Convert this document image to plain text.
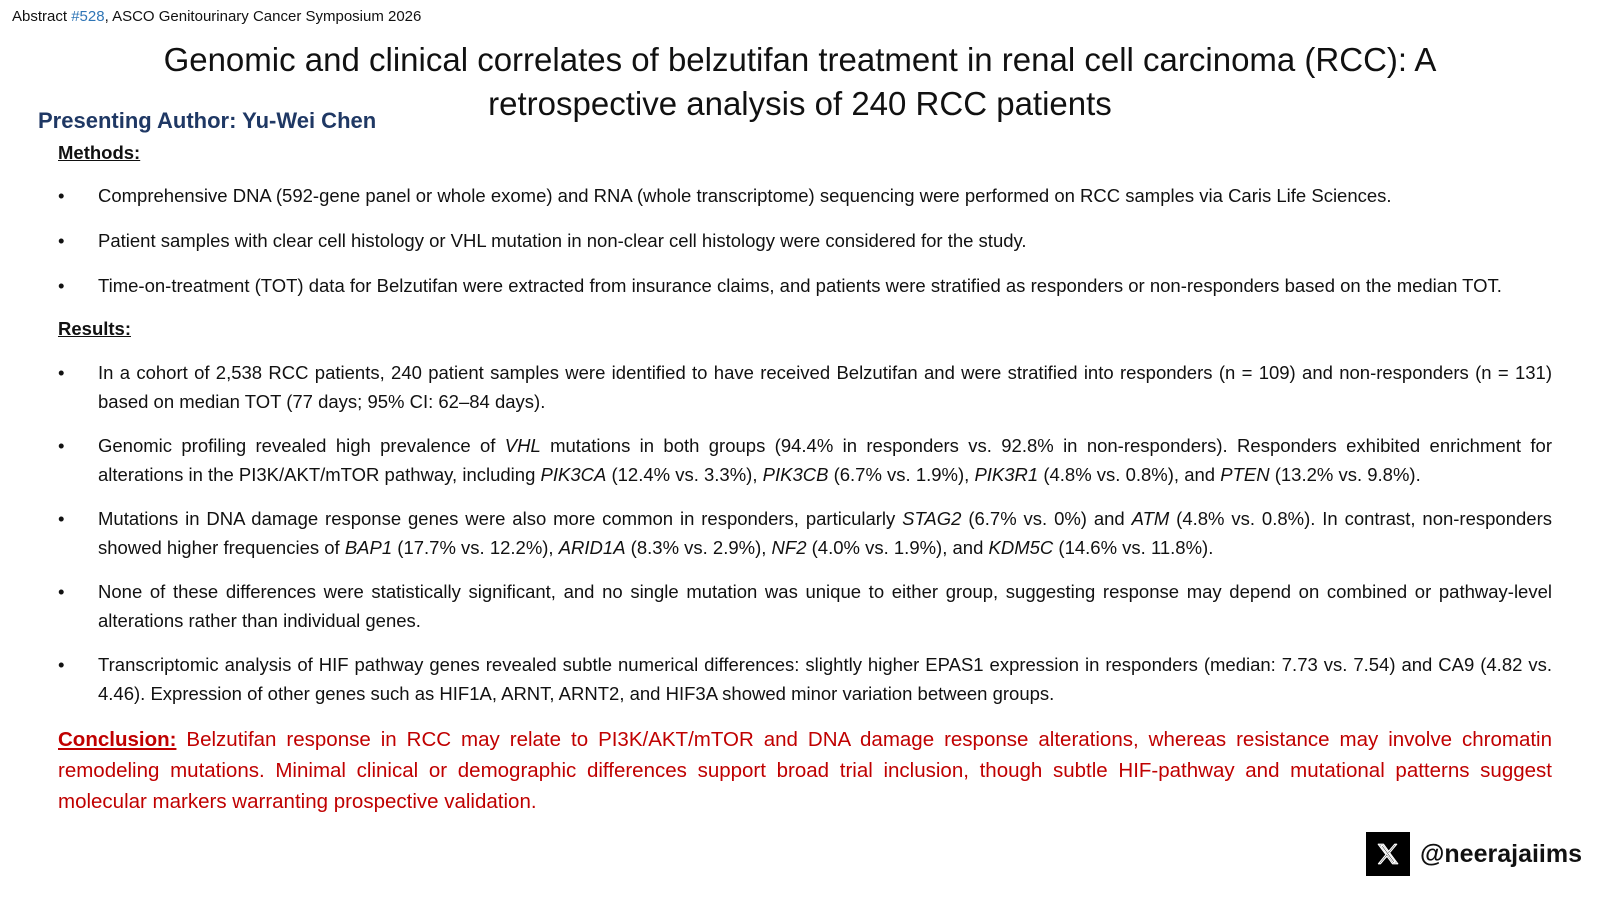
Abstract #528, ASCO Genitourinary Cancer Symposium 2026
Genomic and clinical correlates of belzutifan treatment in renal cell carcinoma (RCC): A retrospective analysis of 240 RCC patients
Presenting Author: Yu-Wei Chen
Methods:
• Comprehensive DNA (592-gene panel or whole exome) and RNA (whole transcriptome) sequencing were performed on RCC samples via Caris Life Sciences.
• Patient samples with clear cell histology or VHL mutation in non-clear cell histology were considered for the study.
• Time-on-treatment (TOT) data for Belzutifan were extracted from insurance claims, and patients were stratified as responders or non-responders based on the median TOT.
Results:
• In a cohort of 2,538 RCC patients, 240 patient samples were identified to have received Belzutifan and were stratified into responders (n = 109) and non-responders (n = 131) based on median TOT (77 days; 95% CI: 62–84 days).
• Genomic profiling revealed high prevalence of VHL mutations in both groups (94.4% in responders vs. 92.8% in non-responders). Responders exhibited enrichment for alterations in the PI3K/AKT/mTOR pathway, including PIK3CA (12.4% vs. 3.3%), PIK3CB (6.7% vs. 1.9%), PIK3R1 (4.8% vs. 0.8%), and PTEN (13.2% vs. 9.8%).
• Mutations in DNA damage response genes were also more common in responders, particularly STAG2 (6.7% vs. 0%) and ATM (4.8% vs. 0.8%). In contrast, non-responders showed higher frequencies of BAP1 (17.7% vs. 12.2%), ARID1A (8.3% vs. 2.9%), NF2 (4.0% vs. 1.9%), and KDM5C (14.6% vs. 11.8%).
• None of these differences were statistically significant, and no single mutation was unique to either group, suggesting response may depend on combined or pathway-level alterations rather than individual genes.
• Transcriptomic analysis of HIF pathway genes revealed subtle numerical differences: slightly higher EPAS1 expression in responders (median: 7.73 vs. 7.54) and CA9 (4.82 vs. 4.46). Expression of other genes such as HIF1A, ARNT, ARNT2, and HIF3A showed minor variation between groups.
Conclusion: Belzutifan response in RCC may relate to PI3K/AKT/mTOR and DNA damage response alterations, whereas resistance may involve chromatin remodeling mutations. Minimal clinical or demographic differences support broad trial inclusion, though subtle HIF-pathway and mutational patterns suggest molecular markers warranting prospective validation.
@neerajaiims
